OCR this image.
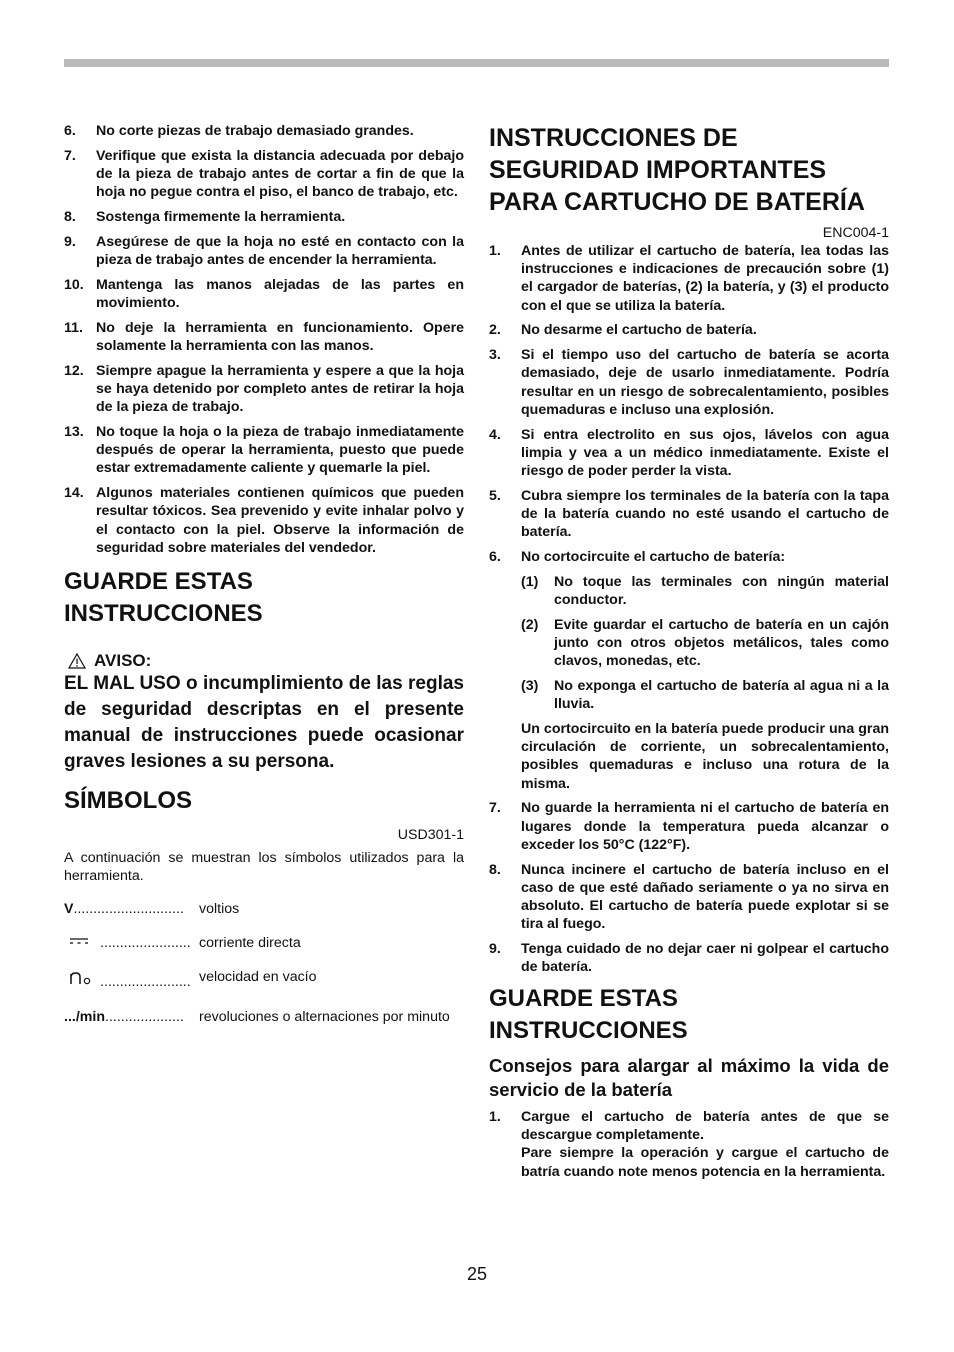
6.	No corte piezas de trabajo demasiado grandes.
7.	Verifique que exista la distancia adecuada por debajo de la pieza de trabajo antes de cortar a fin de que la hoja no pegue contra el piso, el banco de trabajo, etc.
8.	Sostenga firmemente la herramienta.
9.	Asegúrese de que la hoja no esté en contacto con la pieza de trabajo antes de encender la herramienta.
10. Mantenga las manos alejadas de las partes en movimiento.
11. No deje la herramienta en funcionamiento. Opere solamente la herramienta con las manos.
12. Siempre apague la herramienta y espere a que la hoja se haya detenido por completo antes de retirar la hoja de la pieza de trabajo.
13. No toque la hoja o la pieza de trabajo inmediatamente después de operar la herramienta, puesto que puede estar extremadamente caliente y quemarle la piel.
14. Algunos materiales contienen químicos que pueden resultar tóxicos. Sea prevenido y evite inhalar polvo y el contacto con la piel. Observe la información de seguridad sobre materiales del vendedor.
GUARDE ESTAS
INSTRUCCIONES
AVISO:
EL MAL USO o incumplimiento de las reglas de seguridad descriptas en el presente manual de instrucciones puede ocasionar graves lesiones a su persona.
SÍMBOLOS
USD301-1
A continuación se muestran los símbolos utilizados para la herramienta.
V ............................ voltios
....................... corriente directa
....................... velocidad en vacío
.../min .................... revoluciones o alternaciones por minuto
INSTRUCCIONES DE
SEGURIDAD IMPORTANTES
PARA CARTUCHO DE BATERÍA
ENC004-1
1.	Antes de utilizar el cartucho de batería, lea todas las instrucciones e indicaciones de precaución sobre (1) el cargador de baterías, (2) la batería, y (3) el producto con el que se utiliza la batería.
2.	No desarme el cartucho de batería.
3.	Si el tiempo uso del cartucho de batería se acorta demasiado, deje de usarlo inmediatamente. Podría resultar en un riesgo de sobrecalentamiento, posibles quemaduras e incluso una explosión.
4.	Si entra electrolito en sus ojos, lávelos con agua limpia y vea a un médico inmediatamente. Existe el riesgo de poder perder la vista.
5.	Cubra siempre los terminales de la batería con la tapa de la batería cuando no esté usando el cartucho de batería.
6.	No cortocircuite el cartucho de batería:
(1)	No toque las terminales con ningún material conductor.
(2)	Evite guardar el cartucho de batería en un cajón junto con otros objetos metálicos, tales como clavos, monedas, etc.
(3)	No exponga el cartucho de batería al agua ni a la lluvia.
Un cortocircuito en la batería puede producir una gran circulación de corriente, un sobrecalentamiento, posibles quemaduras e incluso una rotura de la misma.
7.	No guarde la herramienta ni el cartucho de batería en lugares donde la temperatura pueda alcanzar o exceder los 50°C (122°F).
8.	Nunca incinere el cartucho de batería incluso en el caso de que esté dañado seriamente o ya no sirva en absoluto. El cartucho de batería puede explotar si se tira al fuego.
9.	Tenga cuidado de no dejar caer ni golpear el cartucho de batería.
GUARDE ESTAS
INSTRUCCIONES
Consejos para alargar al máximo la vida de servicio de la batería
1.	Cargue el cartucho de batería antes de que se descargue completamente.
Pare siempre la operación y cargue el cartucho de batría cuando note menos potencia en la herramienta.
25
